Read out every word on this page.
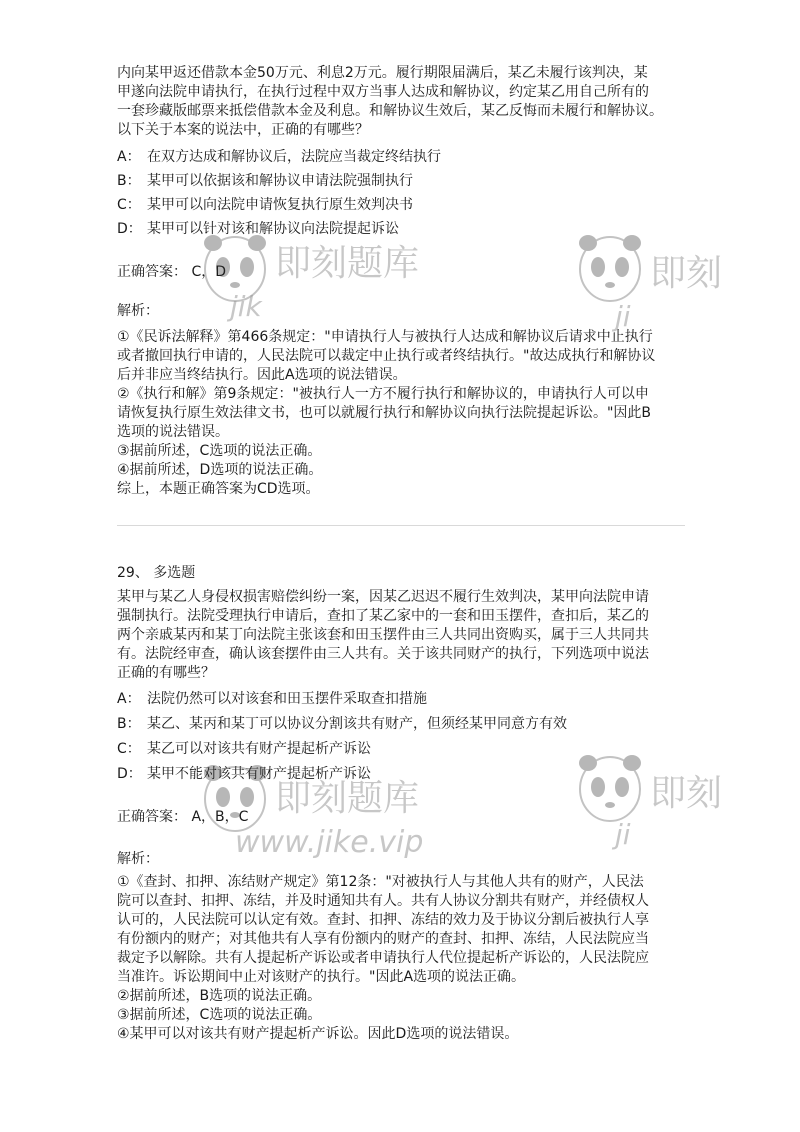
内向某甲返还借款本金50万元、利息2万元。履行期限届满后，某乙未履行该判决，某
甲遂向法院申请执行，在执行过程中双方当事人达成和解协议，约定某乙用自己所有的
一套珍藏版邮票来抵偿借款本金及利息。和解协议生效后，某乙反悔而未履行和解协议。
以下关于本案的说法中，正确的有哪些？
A： 在双方达成和解协议后，法院应当裁定终结执行
B： 某甲可以依据该和解协议申请法院强制执行
C： 某甲可以向法院申请恢复执行原生效判决书
D： 某甲可以针对该和解协议向法院提起诉讼
正确答案： C，D
解析：
①《民诉法解释》第466条规定："申请执行人与被执行人达成和解协议后请求中止执行
或者撤回执行申请的，人民法院可以裁定中止执行或者终结执行。"故达成执行和解协议
后并非应当终结执行。因此A选项的说法错误。
②《执行和解》第9条规定："被执行人一方不履行执行和解协议的，申请执行人可以申
请恢复执行原生效法律文书，也可以就履行执行和解协议向执行法院提起诉讼。"因此B
选项的说法错误。
③据前所述，C选项的说法正确。
④据前所述，D选项的说法正确。
综上，本题正确答案为CD选项。
29、 多选题
某甲与某乙人身侵权损害赔偿纠纷一案，因某乙迟迟不履行生效判决，某甲向法院申请
强制执行。法院受理执行申请后，查扣了某乙家中的一套和田玉摆件，查扣后，某乙的
两个亲戚某丙和某丁向法院主张该套和田玉摆件由三人共同出资购买，属于三人共同共
有。法院经审查，确认该套摆件由三人共有。关于该共同财产的执行，下列选项中说法
正确的有哪些？
A： 法院仍然可以对该套和田玉摆件采取查扣措施
B： 某乙、某丙和某丁可以协议分割该共有财产，但须经某甲同意方有效
C： 某乙可以对该共有财产提起析产诉讼
D： 某甲不能对该共有财产提起析产诉讼
正确答案： A，B，C
解析：
①《查封、扣押、冻结财产规定》第12条："对被执行人与其他人共有的财产，人民法
院可以查封、扣押、冻结，并及时通知共有人。共有人协议分割共有财产，并经债权人
认可的，人民法院可以认定有效。查封、扣押、冻结的效力及于协议分割后被执行人享
有份额内的财产；对其他共有人享有份额内的财产的查封、扣押、冻结，人民法院应当
裁定予以解除。共有人提起析产诉讼或者申请执行人代位提起析产诉讼的，人民法院应
当准许。诉讼期间中止对该财产的执行。"因此A选项的说法正确。
②据前所述，B选项的说法正确。
③据前所述，C选项的说法正确。
④某甲可以对该共有财产提起析产诉讼。因此D选项的说法错误。
即刻题库
jik
即刻
ji
即刻题库
www.jike.vip
即刻
ji
